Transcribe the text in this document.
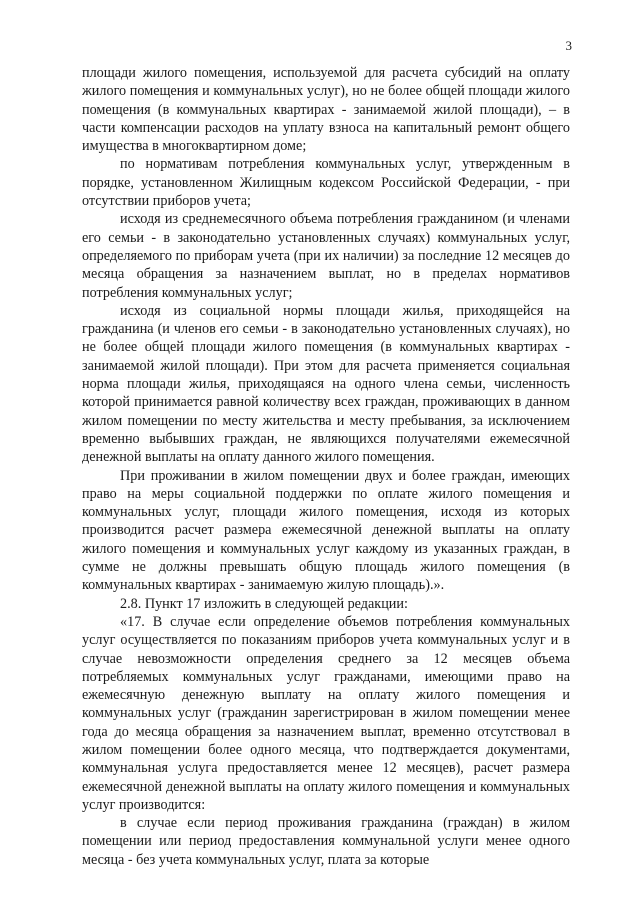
3

площади жилого помещения, используемой для расчета субсидий на оплату жилого помещения и коммунальных услуг), но не более общей площади жилого помещения (в коммунальных квартирах - занимаемой жилой площади), – в части компенсации расходов на уплату взноса на капитальный ремонт общего имущества в многоквартирном доме;

по нормативам потребления коммунальных услуг, утвержденным в порядке, установленном Жилищным кодексом Российской Федерации, - при отсутствии приборов учета;

исходя из среднемесячного объема потребления гражданином (и членами его семьи - в законодательно установленных случаях) коммунальных услуг, определяемого по приборам учета (при их наличии) за последние 12 месяцев до месяца обращения за назначением выплат, но в пределах нормативов потребления коммунальных услуг;

исходя из социальной нормы площади жилья, приходящейся на гражданина (и членов его семьи - в законодательно установленных случаях), но не более общей площади жилого помещения (в коммунальных квартирах - занимаемой жилой площади). При этом для расчета применяется социальная норма площади жилья, приходящаяся на одного члена семьи, численность которой принимается равной количеству всех граждан, проживающих в данном жилом помещении по месту жительства и месту пребывания, за исключением временно выбывших граждан, не являющихся получателями ежемесячной денежной выплаты на оплату данного жилого помещения.

При проживании в жилом помещении двух и более граждан, имеющих право на меры социальной поддержки по оплате жилого помещения и коммунальных услуг, площади жилого помещения, исходя из которых производится расчет размера ежемесячной денежной выплаты на оплату жилого помещения и коммунальных услуг каждому из указанных граждан, в сумме не должны превышать общую площадь жилого помещения (в коммунальных квартирах - занимаемую жилую площадь).».

2.8. Пункт 17 изложить в следующей редакции:

«17. В случае если определение объемов потребления коммунальных услуг осуществляется по показаниям приборов учета коммунальных услуг и в случае невозможности определения среднего за 12 месяцев объема потребляемых коммунальных услуг гражданами, имеющими право на ежемесячную денежную выплату на оплату жилого помещения и коммунальных услуг (гражданин зарегистрирован в жилом помещении менее года до месяца обращения за назначением выплат, временно отсутствовал в жилом помещении более одного месяца, что подтверждается документами, коммунальная услуга предоставляется менее 12 месяцев), расчет размера ежемесячной денежной выплаты на оплату жилого помещения и коммунальных услуг производится:

в случае если период проживания гражданина (граждан) в жилом помещении или период предоставления коммунальной услуги менее одного месяца - без учета коммунальных услуг, плата за которые
